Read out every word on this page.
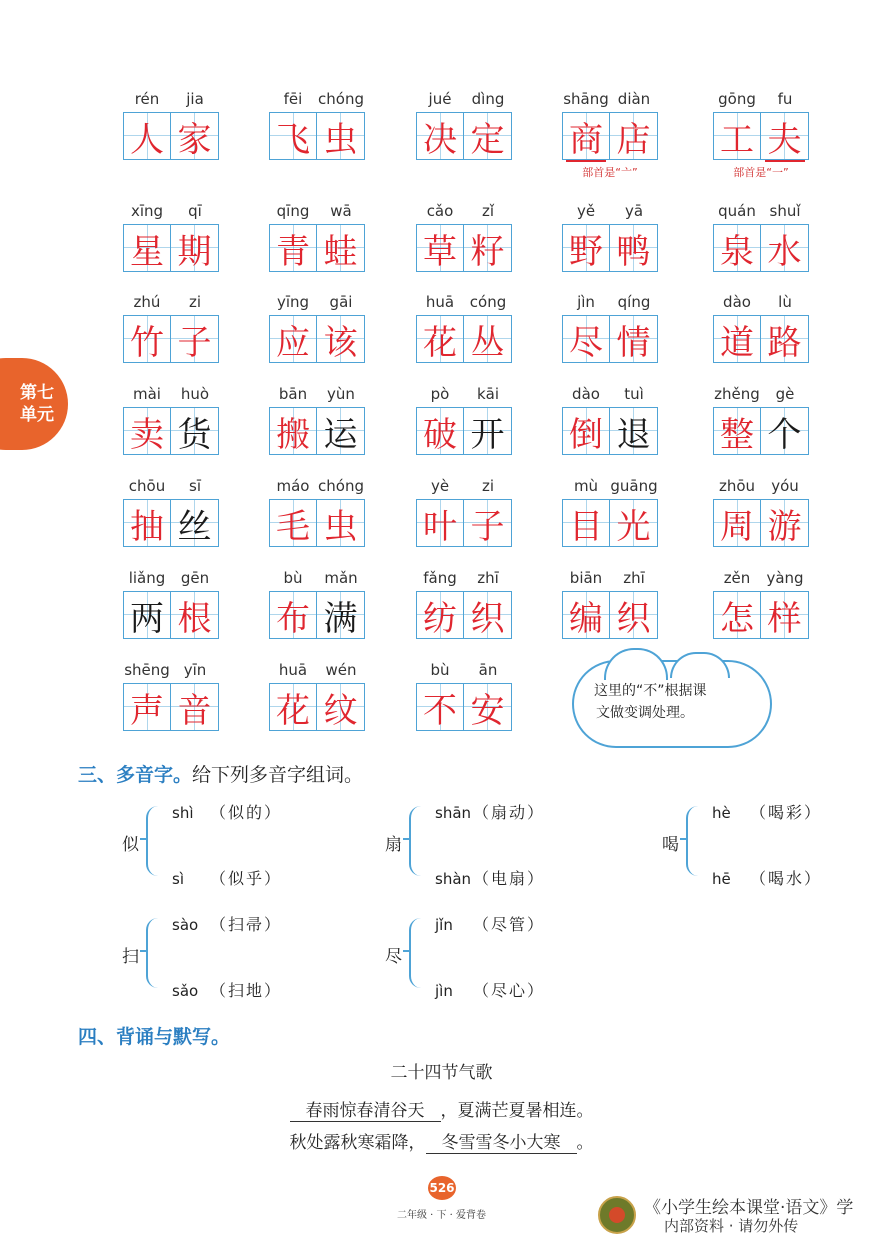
第七
单元
rén	jia
人 家
fēi	chóng
飞 虫
jué	dìng
决 定
shāng diàn
商 店
部首是“亠”
gōng	fu
工 夫
部首是“一”
xīng	qī
星 期
qīng	wā
青 蛙
cǎo	zǐ
草 籽
yě	yā
野 鸭
quán shuǐ
泉 水
zhú	zi
竹 子
yīng	gāi
应 该
huā	cóng
花 丛
jìn	qíng
尽 情
dào	lù
道 路
mài	huò
卖 货
bān	yùn
搬 运
pò	kāi
破 开
dào	tuì
倒 退
zhěng	gè
整 个
chōu	sī
抽 丝
máo chóng
毛 虫
yè	zi
叶 子
mù guāng
目 光
zhōu	yóu
周 游
liǎng	gēn
两 根
bù	mǎn
布 满
fǎng	zhī
纺 织
biān	zhī
编 织
zěn	yàng
怎 样
shēng yīn
声 音
huā	wén
花 纹
bù	ān
不 安	这里的“不”根据课
文做变调处理。
三、多音字。给下列多音字组词。
似
shì （似的）
sì （似乎）
扇
shān （扇动）
shàn （电扇）
喝
hè （喝彩）
hē （喝水）
扫
sào （扫帚）
sǎo （扫地）
尽
jǐn （尽管）
jìn （尽心）
四、背诵与默写。
二十四节气歌
春雨惊春清谷天 ，夏满芒夏暑相连。
秋处露秋寒霜降， 冬雪雪冬小大寒 。
526
二年级 · 下 · 爱背卷	《小学生绘本课堂·语文》学
内部资料 · 请勿外传
